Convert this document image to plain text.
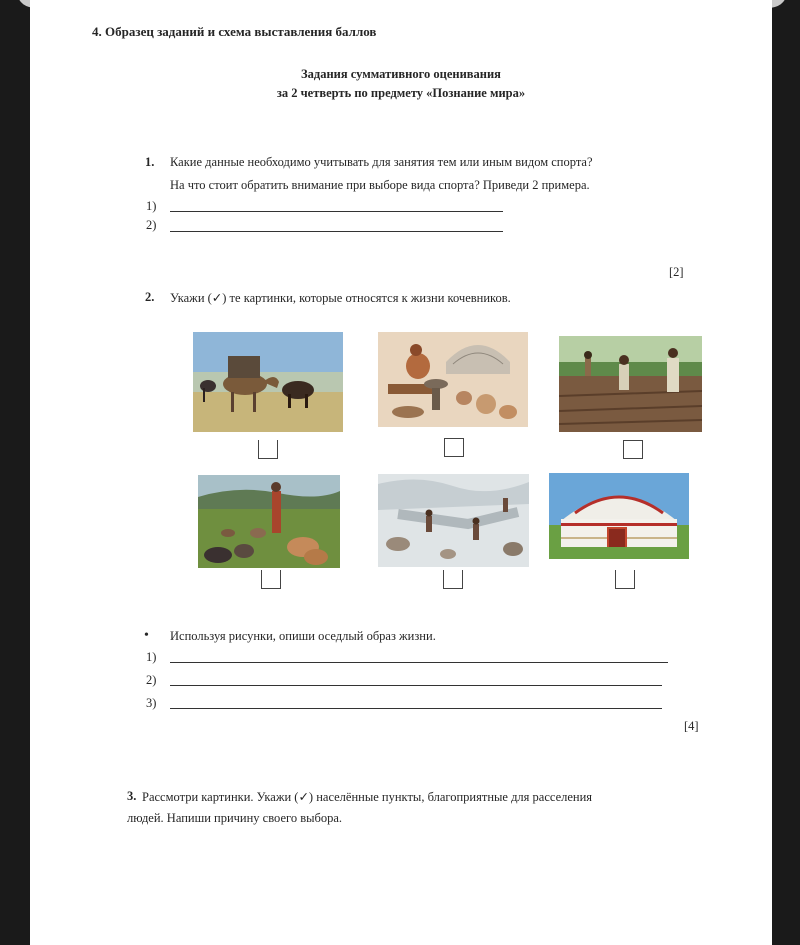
4. Образец заданий и схема выставления баллов
Задания суммативного оценивания
за 2 четверть по предмету «Познание мира»
1. Какие данные необходимо учитывать для занятия тем или иным видом спорта?
На что стоит обратить внимание при выборе вида спорта? Приведи 2 примера.
1)
2)
[2]
2. Укажи (✓) те картинки, которые относятся к жизни кочевников.
• Используя рисунки, опиши оседлый образ жизни.
1)
2)
3)
[4]
3. Рассмотри картинки. Укажи (✓) населённые пункты, благоприятные для расселения
людей. Напиши причину своего выбора.
